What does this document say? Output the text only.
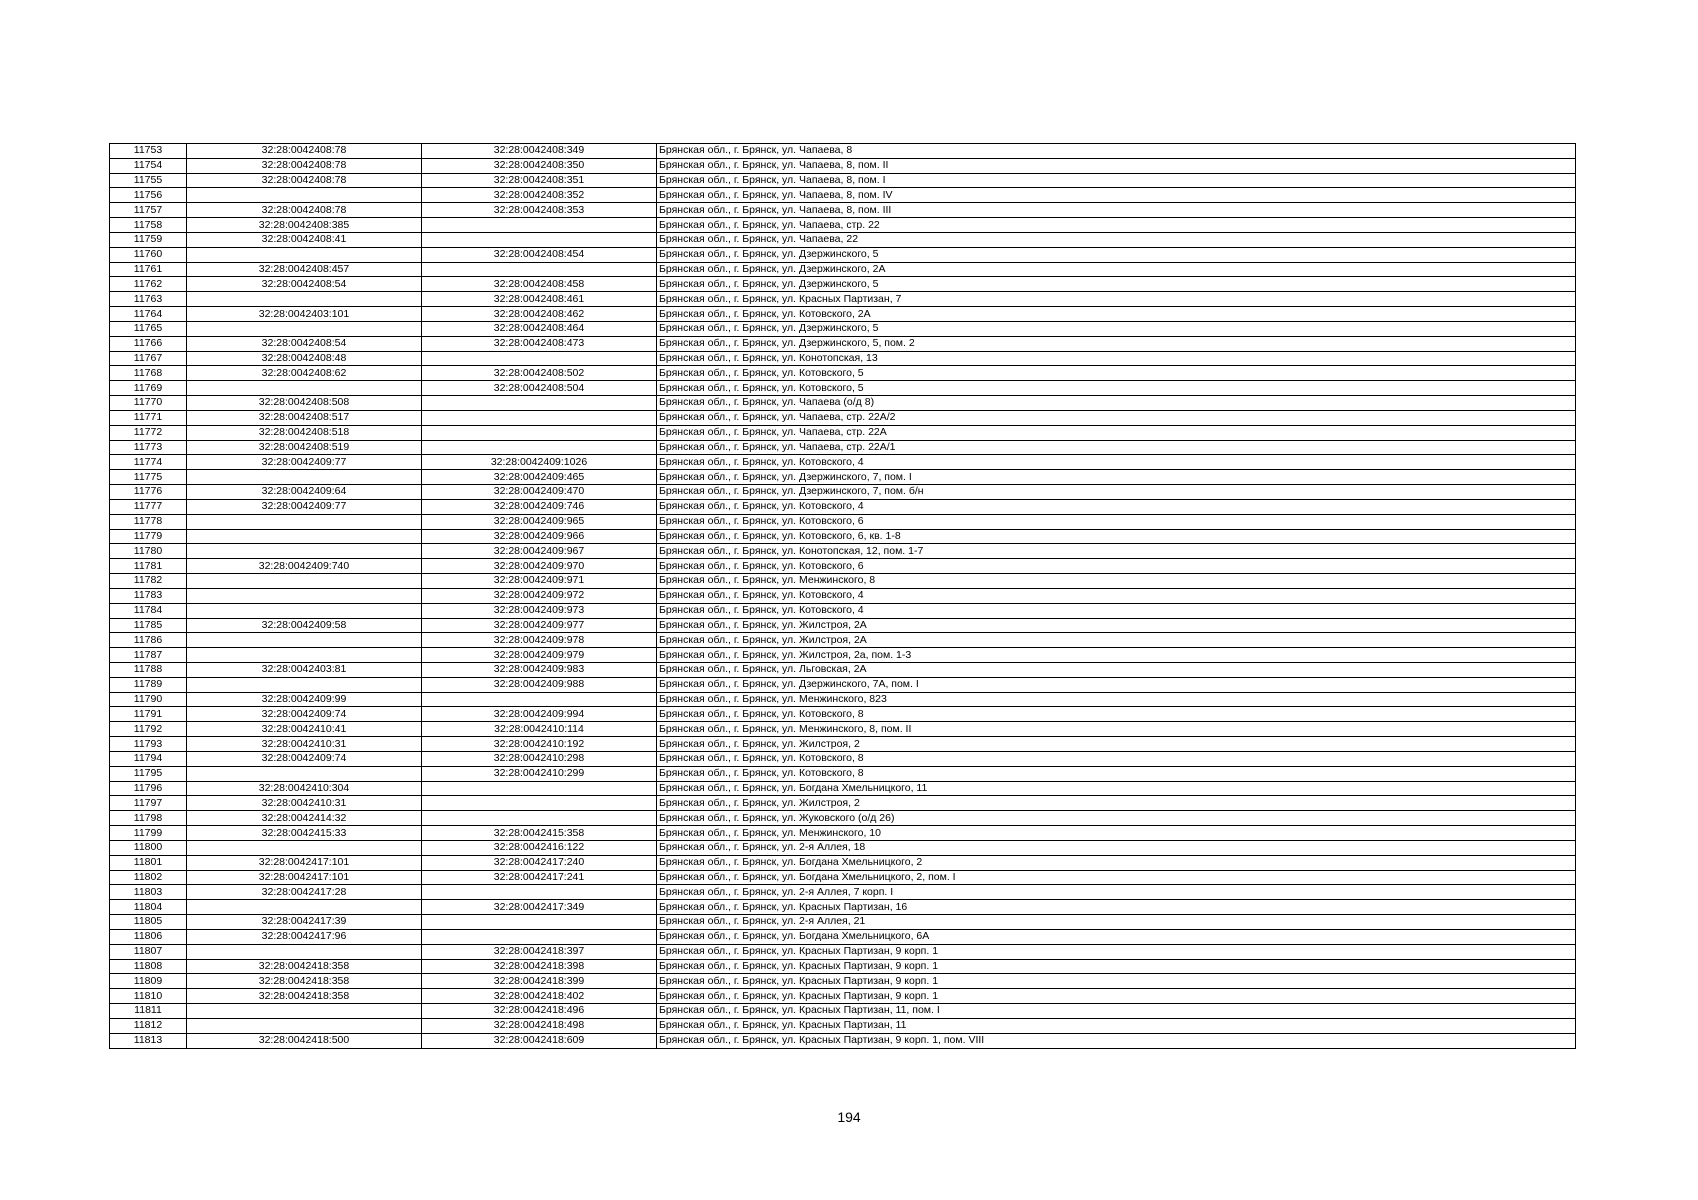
11753	32:28:0042408:78	32:28:0042408:349	Брянская обл., г. Брянск, ул. Чапаева, 8
11754	32:28:0042408:78	32:28:0042408:350	Брянская обл., г. Брянск, ул. Чапаева, 8, пом. II
11755	32:28:0042408:78	32:28:0042408:351	Брянская обл., г. Брянск, ул. Чапаева, 8, пом. I
11756		32:28:0042408:352	Брянская обл., г. Брянск, ул. Чапаева, 8, пом. IV
11757	32:28:0042408:78	32:28:0042408:353	Брянская обл., г. Брянск, ул. Чапаева, 8, пом. III
11758	32:28:0042408:385		Брянская обл., г. Брянск, ул. Чапаева, стр. 22
11759	32:28:0042408:41		Брянская обл., г. Брянск, ул. Чапаева, 22
11760		32:28:0042408:454	Брянская обл., г. Брянск, ул. Дзержинского, 5
11761	32:28:0042408:457		Брянская обл., г. Брянск, ул. Дзержинского, 2А
11762	32:28:0042408:54	32:28:0042408:458	Брянская обл., г. Брянск, ул. Дзержинского, 5
11763		32:28:0042408:461	Брянская обл., г. Брянск, ул. Красных Партизан, 7
11764	32:28:0042403:101	32:28:0042408:462	Брянская обл., г. Брянск, ул. Котовского, 2А
11765		32:28:0042408:464	Брянская обл., г. Брянск, ул. Дзержинского, 5
11766	32:28:0042408:54	32:28:0042408:473	Брянская обл., г. Брянск, ул. Дзержинского, 5, пом. 2
11767	32:28:0042408:48		Брянская обл., г. Брянск, ул. Конотопская, 13
11768	32:28:0042408:62	32:28:0042408:502	Брянская обл., г. Брянск, ул. Котовского, 5
11769		32:28:0042408:504	Брянская обл., г. Брянск, ул. Котовского, 5
11770	32:28:0042408:508		Брянская обл., г. Брянск, ул. Чапаева (о/д 8)
11771	32:28:0042408:517		Брянская обл., г. Брянск, ул. Чапаева, стр. 22А/2
11772	32:28:0042408:518		Брянская обл., г. Брянск, ул. Чапаева, стр. 22А
11773	32:28:0042408:519		Брянская обл., г. Брянск, ул. Чапаева, стр. 22А/1
11774	32:28:0042409:77	32:28:0042409:1026	Брянская обл., г. Брянск, ул. Котовского, 4
11775		32:28:0042409:465	Брянская обл., г. Брянск, ул. Дзержинского, 7, пом. I
11776	32:28:0042409:64	32:28:0042409:470	Брянская обл., г. Брянск, ул. Дзержинского, 7, пом. б/н
11777	32:28:0042409:77	32:28:0042409:746	Брянская обл., г. Брянск, ул. Котовского, 4
11778		32:28:0042409:965	Брянская обл., г. Брянск, ул. Котовского, 6
11779		32:28:0042409:966	Брянская обл., г. Брянск, ул. Котовского, 6, кв. 1-8
11780		32:28:0042409:967	Брянская обл., г. Брянск, ул. Конотопская, 12, пом. 1-7
11781	32:28:0042409:740	32:28:0042409:970	Брянская обл., г. Брянск, ул. Котовского, 6
11782		32:28:0042409:971	Брянская обл., г. Брянск, ул. Менжинского, 8
11783		32:28:0042409:972	Брянская обл., г. Брянск, ул. Котовского, 4
11784		32:28:0042409:973	Брянская обл., г. Брянск, ул. Котовского, 4
11785	32:28:0042409:58	32:28:0042409:977	Брянская обл., г. Брянск, ул. Жилстроя, 2А
11786		32:28:0042409:978	Брянская обл., г. Брянск, ул. Жилстроя, 2А
11787		32:28:0042409:979	Брянская обл., г. Брянск, ул. Жилстроя, 2а, пом. 1-3
11788	32:28:0042403:81	32:28:0042409:983	Брянская обл., г. Брянск, ул. Льговская, 2А
11789		32:28:0042409:988	Брянская обл., г. Брянск, ул. Дзержинского, 7А, пом. I
11790	32:28:0042409:99		Брянская обл., г. Брянск, ул. Менжинского, 823
11791	32:28:0042409:74	32:28:0042409:994	Брянская обл., г. Брянск, ул. Котовского, 8
11792	32:28:0042410:41	32:28:0042410:114	Брянская обл., г. Брянск, ул. Менжинского, 8, пом. II
11793	32:28:0042410:31	32:28:0042410:192	Брянская обл., г. Брянск, ул. Жилстроя, 2
11794	32:28:0042409:74	32:28:0042410:298	Брянская обл., г. Брянск, ул. Котовского, 8
11795		32:28:0042410:299	Брянская обл., г. Брянск, ул. Котовского, 8
11796	32:28:0042410:304		Брянская обл., г. Брянск, ул. Богдана Хмельницкого, 11
11797	32:28:0042410:31		Брянская обл., г. Брянск, ул. Жилстроя, 2
11798	32:28:0042414:32		Брянская обл., г. Брянск, ул. Жуковского (о/д 26)
11799	32:28:0042415:33	32:28:0042415:358	Брянская обл., г. Брянск, ул. Менжинского, 10
11800		32:28:0042416:122	Брянская обл., г. Брянск, ул. 2-я Аллея, 18
11801	32:28:0042417:101	32:28:0042417:240	Брянская обл., г. Брянск, ул. Богдана Хмельницкого, 2
11802	32:28:0042417:101	32:28:0042417:241	Брянская обл., г. Брянск, ул. Богдана Хмельницкого, 2, пом. I
11803	32:28:0042417:28		Брянская обл., г. Брянск, ул. 2-я Аллея, 7 корп. I
11804		32:28:0042417:349	Брянская обл., г. Брянск, ул. Красных Партизан, 16
11805	32:28:0042417:39		Брянская обл., г. Брянск, ул. 2-я Аллея, 21
11806	32:28:0042417:96		Брянская обл., г. Брянск, ул. Богдана Хмельницкого, 6А
11807		32:28:0042418:397	Брянская обл., г. Брянск, ул. Красных Партизан, 9 корп. 1
11808	32:28:0042418:358	32:28:0042418:398	Брянская обл., г. Брянск, ул. Красных Партизан, 9 корп. 1
11809	32:28:0042418:358	32:28:0042418:399	Брянская обл., г. Брянск, ул. Красных Партизан, 9 корп. 1
11810	32:28:0042418:358	32:28:0042418:402	Брянская обл., г. Брянск, ул. Красных Партизан, 9 корп. 1
11811		32:28:0042418:496	Брянская обл., г. Брянск, ул. Красных Партизан, 11, пом. I
11812		32:28:0042418:498	Брянская обл., г. Брянск, ул. Красных Партизан, 11
11813	32:28:0042418:500	32:28:0042418:609	Брянская обл., г. Брянск, ул. Красных Партизан, 9 корп. 1, пом. VIII
194
